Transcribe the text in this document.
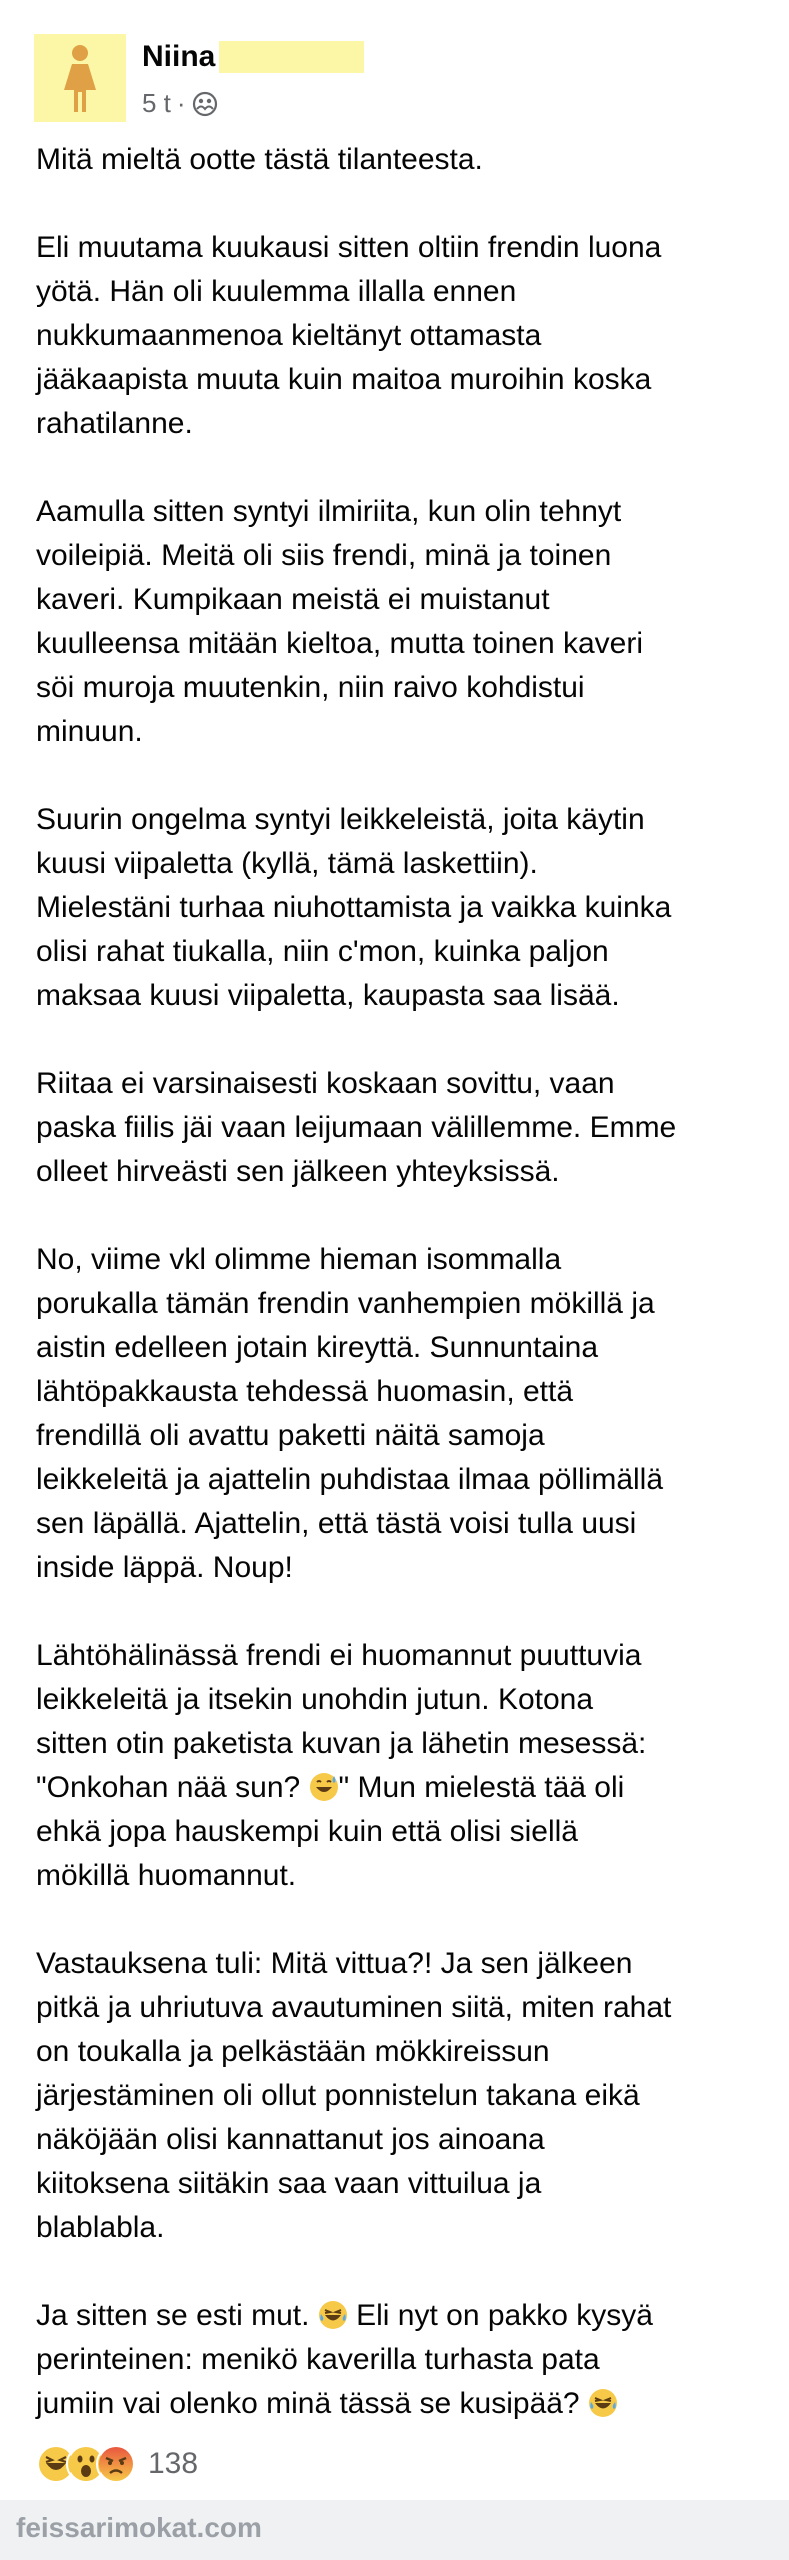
Niina
5 t ·

Mitä mieltä ootte tästä tilanteesta.

Eli muutama kuukausi sitten oltiin frendin luona
yötä. Hän oli kuulemma illalla ennen
nukkumaanmenoa kieltänyt ottamasta
jääkaapista muuta kuin maitoa muroihin koska
rahatilanne.

Aamulla sitten syntyi ilmiriita, kun olin tehnyt
voileipiä. Meitä oli siis frendi, minä ja toinen
kaveri. Kumpikaan meistä ei muistanut
kuulleensa mitään kieltoa, mutta toinen kaveri
söi muroja muutenkin, niin raivo kohdistui
minuun.

Suurin ongelma syntyi leikkeleistä, joita käytin
kuusi viipaletta (kyllä, tämä laskettiin).
Mielestäni turhaa niuhottamista ja vaikka kuinka
olisi rahat tiukalla, niin c'mon, kuinka paljon
maksaa kuusi viipaletta, kaupasta saa lisää.

Riitaa ei varsinaisesti koskaan sovittu, vaan
paska fiilis jäi vaan leijumaan välillemme. Emme
olleet hirveästi sen jälkeen yhteyksissä.

No, viime vkl olimme hieman isommalla
porukalla tämän frendin vanhempien mökillä ja
aistin edelleen jotain kireyttä. Sunnuntaina
lähtöpakkausta tehdessä huomasin, että
frendillä oli avattu paketti näitä samoja
leikkeleitä ja ajattelin puhdistaa ilmaa pöllimällä
sen läpällä. Ajattelin, että tästä voisi tulla uusi
inside läppä. Noup!

Lähtöhälinässä frendi ei huomannut puuttuvia
leikkeleitä ja itsekin unohdin jutun. Kotona
sitten otin paketista kuvan ja lähetin mesessä:
"Onkohan nää sun? " Mun mielestä tää oli
ehkä jopa hauskempi kuin että olisi siellä
mökillä huomannut.

Vastauksena tuli: Mitä vittua?! Ja sen jälkeen
pitkä ja uhriutuva avautuminen siitä, miten rahat
on toukalla ja pelkästään mökkireissun
järjestäminen oli ollut ponnistelun takana eikä
näköjään olisi kannattanut jos ainoana
kiitoksena siitäkin saa vaan vittuilua ja
blablabla.

Ja sitten se esti mut.  Eli nyt on pakko kysyä
perinteinen: menikö kaverilla turhasta pata
jumiin vai olenko minä tässä se kusipää?

138
feissarimokat.com
